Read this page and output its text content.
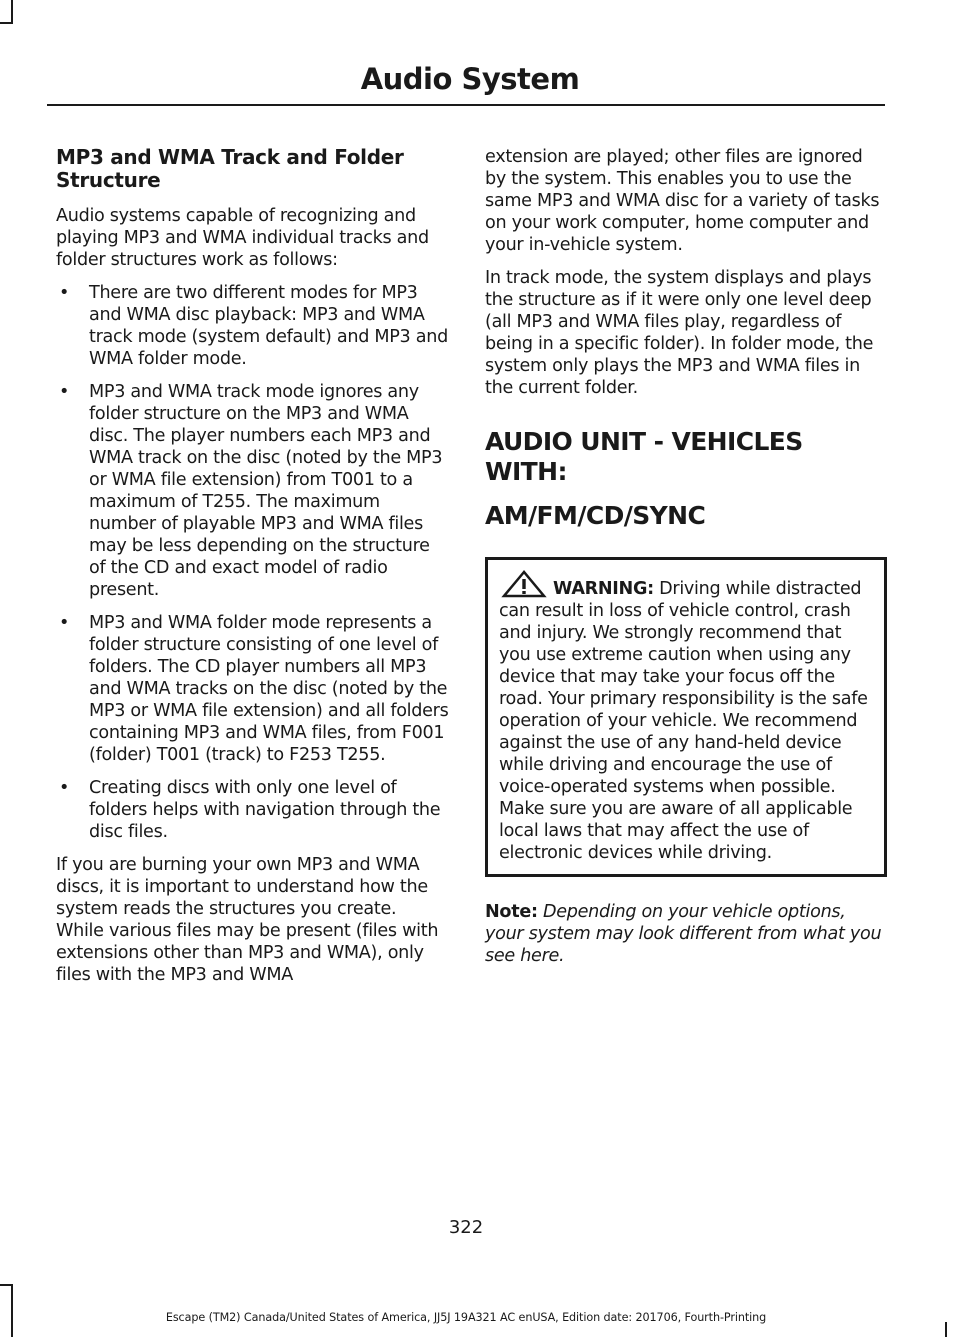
Audio System
MP3 and WMA Track and Folder Structure

Audio systems capable of recognizing and playing MP3 and WMA individual tracks and folder structures work as follows:

• There are two different modes for MP3 and WMA disc playback: MP3 and WMA track mode (system default) and MP3 and WMA folder mode.
• MP3 and WMA track mode ignores any folder structure on the MP3 and WMA disc. The player numbers each MP3 and WMA track on the disc (noted by the MP3 or WMA file extension) from T001 to a maximum of T255. The maximum number of playable MP3 and WMA files may be less depending on the structure of the CD and exact model of radio present.
• MP3 and WMA folder mode represents a folder structure consisting of one level of folders. The CD player numbers all MP3 and WMA tracks on the disc (noted by the MP3 or WMA file extension) and all folders containing MP3 and WMA files, from F001 (folder) T001 (track) to F253 T255.
• Creating discs with only one level of folders helps with navigation through the disc files.

If you are burning your own MP3 and WMA discs, it is important to understand how the system reads the structures you create. While various files may be present (files with extensions other than MP3 and WMA), only files with the MP3 and WMA

extension are played; other files are ignored by the system. This enables you to use the same MP3 and WMA disc for a variety of tasks on your work computer, home computer and your in-vehicle system.

In track mode, the system displays and plays the structure as if it were only one level deep (all MP3 and WMA files play, regardless of being in a specific folder). In folder mode, the system only plays the MP3 and WMA files in the current folder.

AUDIO UNIT - VEHICLES WITH:
AM/FM/CD/SYNC
WARNING: Driving while distracted can result in loss of vehicle control, crash and injury. We strongly recommend that you use extreme caution when using any device that may take your focus off the road. Your primary responsibility is the safe operation of your vehicle. We recommend against the use of any hand-held device while driving and encourage the use of voice-operated systems when possible. Make sure you are aware of all applicable local laws that may affect the use of electronic devices while driving.
Note: Depending on your vehicle options, your system may look different from what you see here.
322
Escape (TM2) Canada/United States of America, JJ5J 19A321 AC enUSA, Edition date: 201706, Fourth-Printing
